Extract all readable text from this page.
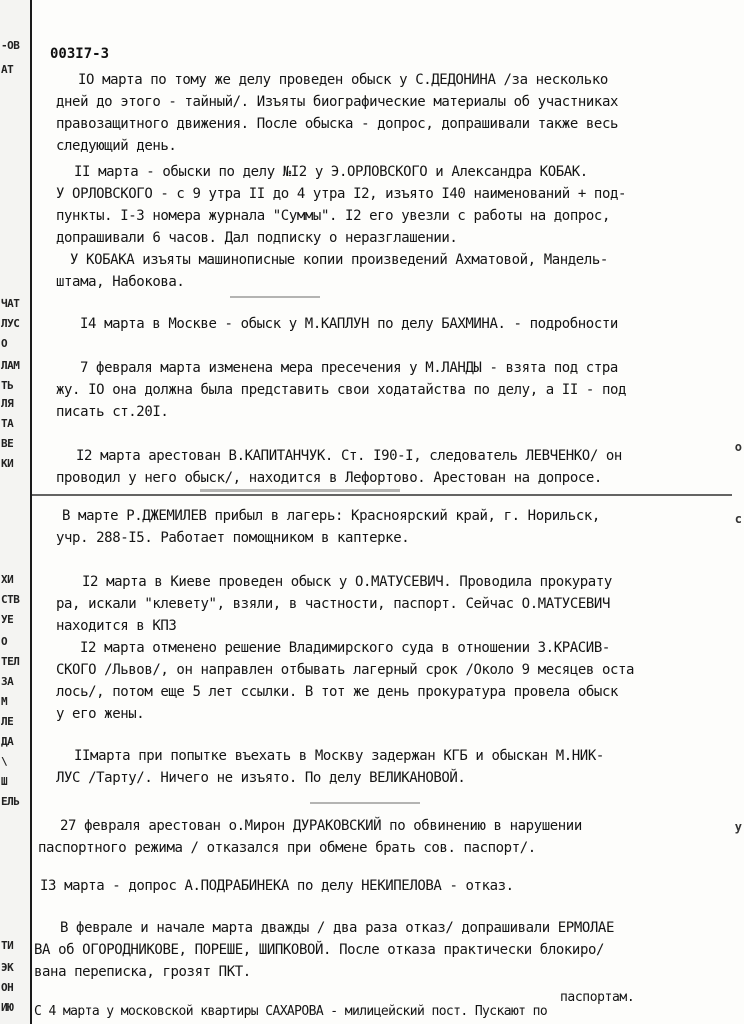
-ОВ
АТ
ЧАТ
ЛУС
О
ЛАМ
ТЬ
ЛЯ
ТА
ВЕ
КИ
ХИ
СТВ
УЕ
О
ТЕЛ
ЗА
М
ЛЕ
ДА
\
Ш
ЕЛЬ
ТИ
ЭК
ОН
ИЮ
о
с
у
003I7-3
IO марта по тому же делу проведен обыск у С.ДЕДОНИНА /за несколько
дней до этого - тайный/. Изъяты биографические материалы об участниках
правозащитного движения. После обыска - допрос, допрашивали также весь
следующий день.
II марта - обыски по делу №I2 у Э.ОРЛОВСКОГО и Александра КОБАК.
У ОРЛОВСКОГО - с 9 утра II до 4 утра I2, изъято I40 наименований + под-
пункты. I-3 номера журнала "Суммы". I2 его увезли с работы на допрос,
допрашивали 6 часов. Дал подписку о неразглашении.
У КОБАКА изъяты машинописные копии произведений Ахматовой, Мандель-
штама, Набокова.
I4 марта в Москве - обыск у М.КАПЛУН по делу БАХМИНА. - подробности
7 февраля марта изменена мера пресечения у М.ЛАНДЫ - взята под стра
жу. IO она должна была представить свои ходатайства по делу, а II - под
писать ст.20I.
I2 марта арестован В.КАПИТАНЧУК. Ст. I90-I, следователь ЛЕВЧЕНКО/ он
проводил у него обыск/, находится в Лефортово. Арестован на допросе.
В марте Р.ДЖЕМИЛЕВ прибыл в лагерь: Красноярский край, г. Норильск,
учр. 288-I5. Работает помощником в каптерке.
I2 марта в Киеве проведен обыск у О.МАТУСЕВИЧ. Проводила прокурату
ра, искали "клевету", взяли, в частности, паспорт. Сейчас О.МАТУСЕВИЧ
находится в КПЗ
I2 марта отменено решение Владимирского суда в отношении З.КРАСИВ-
СКОГО /Львов/, он направлен отбывать лагерный срок /Около 9 месяцев оста
лось/, потом еще 5 лет ссылки. В тот же день прокуратура провела обыск
у его жены.
IIмарта при попытке въехать в Москву задержан КГБ и обыскан М.НИК-
ЛУС /Тарту/. Ничего не изъято. По делу ВЕЛИКАНОВОЙ.
27 февраля арестован о.Мирон ДУРАКОВСКИЙ по обвинению в нарушении
паспортного режима / отказался при обмене брать сов. паспорт/.
I3 марта - допрос А.ПОДРАБИНЕКА по делу НЕКИПЕЛОВА - отказ.
В феврале и начале марта дважды / два раза отказ/ допрашивали ЕРМОЛАЕ
ВА об ОГОРОДНИКОВЕ, ПОРЕШЕ, ШИПКОВОЙ. После отказа практически блокиро/
вана переписка, грозят ПКТ.
С 4 марта у московской квартиры САХАРОВА - милицейский пост. Пускают по
паспортам.
